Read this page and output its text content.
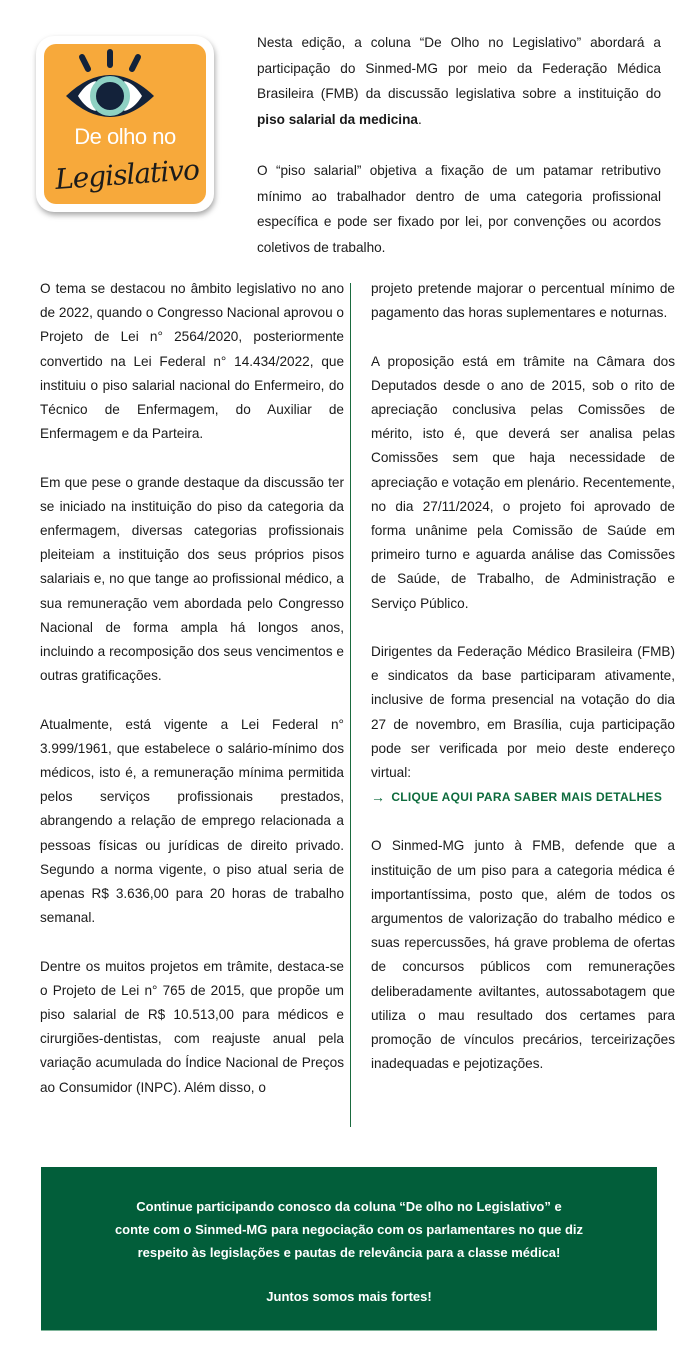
De olho no
Legislativo

Nesta edição, a coluna “De Olho no Legislativo” abordará a participação do Sinmed-MG por meio da Federação Médica Brasileira (FMB) da discussão legislativa sobre a instituição do piso salarial da medicina.

O “piso salarial” objetiva a fixação de um patamar retributivo mínimo ao trabalhador dentro de uma categoria profissional específica e pode ser fixado por lei, por convenções ou acordos coletivos de trabalho.

O tema se destacou no âmbito legislativo no ano de 2022, quando o Congresso Nacional aprovou o Projeto de Lei n° 2564/2020, posteriormente convertido na Lei Federal n° 14.434/2022, que instituiu o piso salarial nacional do Enfermeiro, do Técnico de Enfermagem, do Auxiliar de Enfermagem e da Parteira.

Em que pese o grande destaque da discussão ter se iniciado na instituição do piso da categoria da enfermagem, diversas categorias profissionais pleiteiam a instituição dos seus próprios pisos salariais e, no que tange ao profissional médico, a sua remuneração vem abordada pelo Congresso Nacional de forma ampla há longos anos, incluindo a recomposição dos seus vencimentos e outras gratificações.

Atualmente, está vigente a Lei Federal n° 3.999/1961, que estabelece o salário-mínimo dos médicos, isto é, a remuneração mínima permitida pelos serviços profissionais prestados, abrangendo a relação de emprego relacionada a pessoas físicas ou jurídicas de direito privado. Segundo a norma vigente, o piso atual seria de apenas R$ 3.636,00 para 20 horas de trabalho semanal.

Dentre os muitos projetos em trâmite, destaca-se o Projeto de Lei n° 765 de 2015, que propõe um piso salarial de R$ 10.513,00 para médicos e cirurgiões-dentistas, com reajuste anual pela variação acumulada do Índice Nacional de Preços ao Consumidor (INPC). Além disso, o

projeto pretende majorar o percentual mínimo de pagamento das horas suplementares e noturnas.

A proposição está em trâmite na Câmara dos Deputados desde o ano de 2015, sob o rito de apreciação conclusiva pelas Comissões de mérito, isto é, que deverá ser analisa pelas Comissões sem que haja necessidade de apreciação e votação em plenário. Recentemente, no dia 27/11/2024, o projeto foi aprovado de forma unânime pela Comissão de Saúde em primeiro turno e aguarda análise das Comissões de Saúde, de Trabalho, de Administração e Serviço Público.

Dirigentes da Federação Médico Brasileira (FMB) e sindicatos da base participaram ativamente, inclusive de forma presencial na votação do dia 27 de novembro, em Brasília, cuja participação pode ser verificada por meio deste endereço virtual:

→ CLIQUE AQUI PARA SABER MAIS DETALHES

O Sinmed-MG junto à FMB, defende que a instituição de um piso para a categoria médica é importantíssima, posto que, além de todos os argumentos de valorização do trabalho médico e suas repercussões, há grave problema de ofertas de concursos públicos com remunerações deliberadamente aviltantes, autossabotagem que utiliza o mau resultado dos certames para promoção de vínculos precários, terceirizações inadequadas e pejotizações.

Continue participando conosco da coluna “De olho no Legislativo” e
conte com o Sinmed-MG para negociação com os parlamentares no que diz
respeito às legislações e pautas de relevância para a classe médica!
Juntos somos mais fortes!
